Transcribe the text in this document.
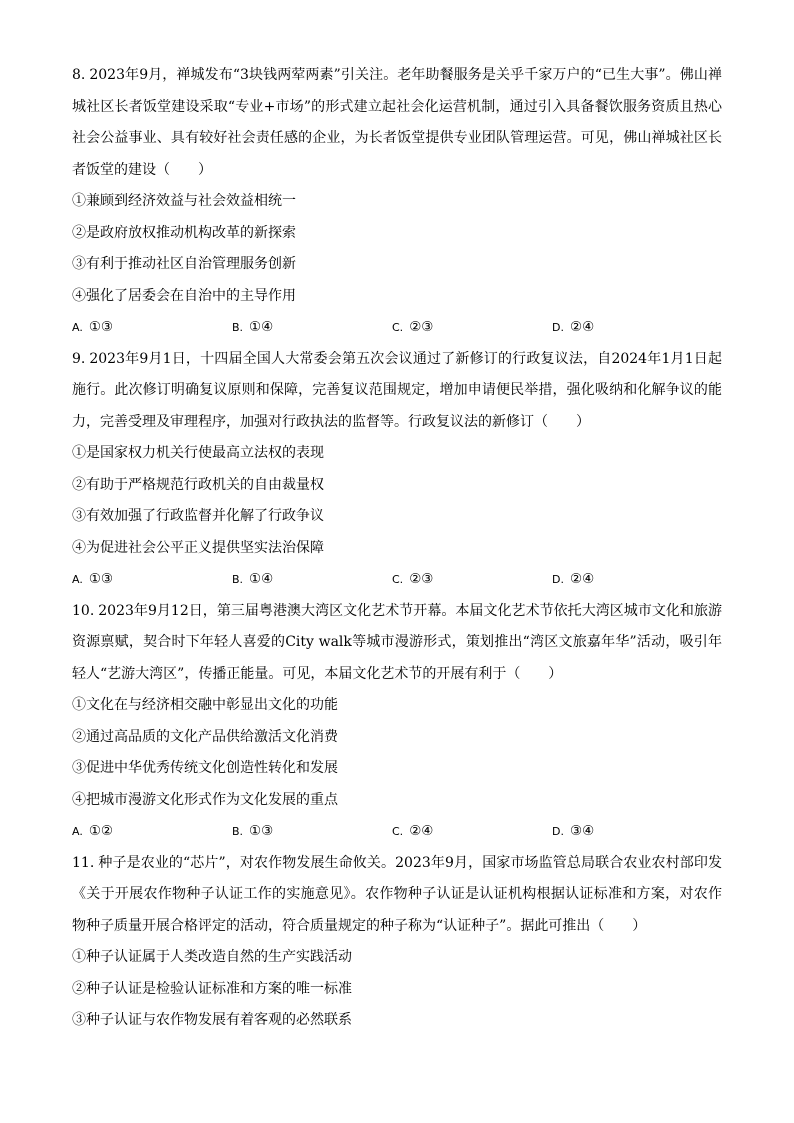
8. 2023年9月，禅城发布“3块钱两荤两素”引关注。老年助餐服务是关乎千家万户的“已生大事”。佛山禅城社区长者饭堂建设采取“专业+市场”的形式建立起社会化运营机制，通过引入具备餐饮服务资质且热心社会公益事业、具有较好社会责任感的企业，为长者饭堂提供专业团队管理运营。可见，佛山禅城社区长者饭堂的建设（　　）

①兼顾到经济效益与社会效益相统一

②是政府放权推动机构改革的新探索

③有利于推动社区自治管理服务创新

④强化了居委会在自治中的主导作用

A. ①③	B. ①④	C. ②③	D. ②④

9. 2023年9月1日，十四届全国人大常委会第五次会议通过了新修订的行政复议法，自2024年1月1日起施行。此次修订明确复议原则和保障，完善复议范围规定，增加申请便民举措，强化吸纳和化解争议的能力，完善受理及审理程序，加强对行政执法的监督等。行政复议法的新修订（　　）

①是国家权力机关行使最高立法权的表现

②有助于严格规范行政机关的自由裁量权

③有效加强了行政监督并化解了行政争议

④为促进社会公平正义提供坚实法治保障

A. ①③	B. ①④	C. ②③	D. ②④

10. 2023年9月12日，第三届粤港澳大湾区文化艺术节开幕。本届文化艺术节依托大湾区城市文化和旅游资源禀赋，契合时下年轻人喜爱的City walk等城市漫游形式，策划推出“湾区文旅嘉年华”活动，吸引年轻人“艺游大湾区”，传播正能量。可见，本届文化艺术节的开展有利于（　　）

①文化在与经济相交融中彰显出文化的功能

②通过高品质的文化产品供给激活文化消费

③促进中华优秀传统文化创造性转化和发展

④把城市漫游文化形式作为文化发展的重点

A. ①②	B. ①③	C. ②④	D. ③④

11. 种子是农业的“芯片”，对农作物发展生命攸关。2023年9月，国家市场监管总局联合农业农村部印发《关于开展农作物种子认证工作的实施意见》。农作物种子认证是认证机构根据认证标准和方案，对农作物种子质量开展合格评定的活动，符合质量规定的种子称为“认证种子”。据此可推出（　　）

①种子认证属于人类改造自然的生产实践活动

②种子认证是检验认证标准和方案的唯一标准

③种子认证与农作物发展有着客观的必然联系
